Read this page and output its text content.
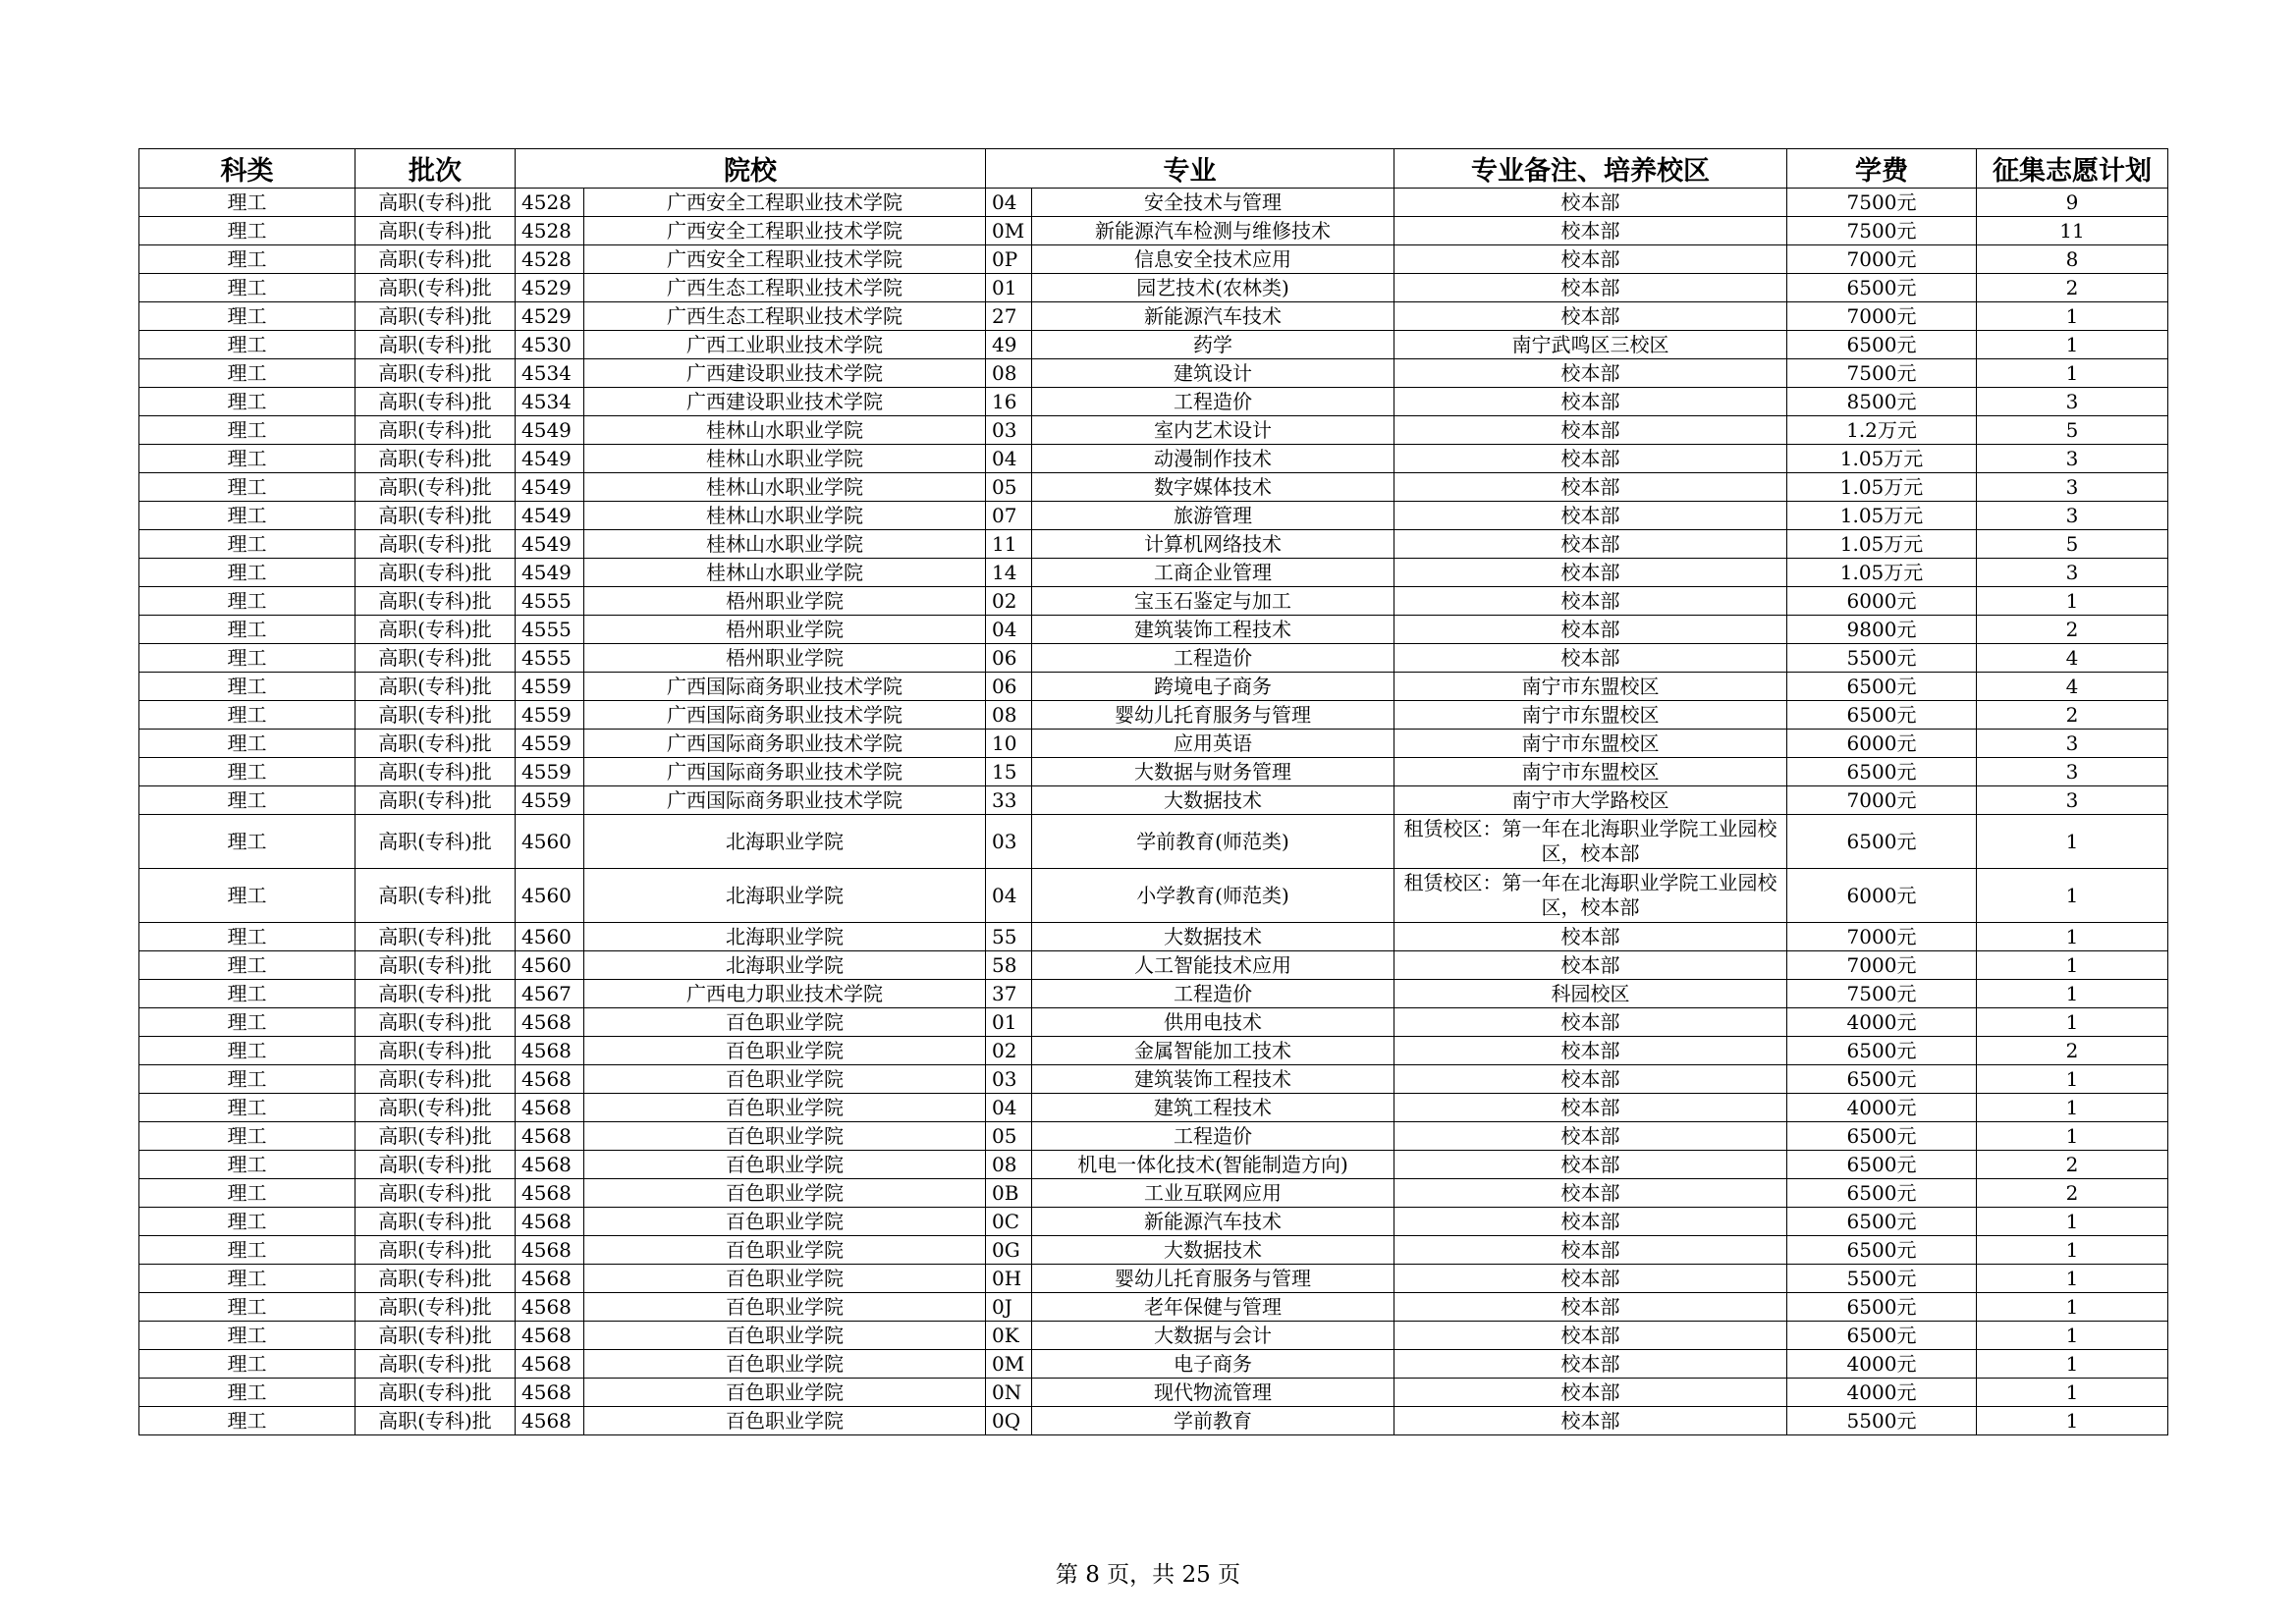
科类	批次	院校		专业		专业备注、培养校区	学费	征集志愿计划
理工	高职(专科)批	4528	广西安全工程职业技术学院	04	安全技术与管理	校本部	7500元	9
理工	高职(专科)批	4528	广西安全工程职业技术学院	0M	新能源汽车检测与维修技术	校本部	7500元	11
理工	高职(专科)批	4528	广西安全工程职业技术学院	0P	信息安全技术应用	校本部	7000元	8
理工	高职(专科)批	4529	广西生态工程职业技术学院	01	园艺技术(农林类)	校本部	6500元	2
理工	高职(专科)批	4529	广西生态工程职业技术学院	27	新能源汽车技术	校本部	7000元	1
理工	高职(专科)批	4530	广西工业职业技术学院	49	药学	南宁武鸣区三校区	6500元	1
理工	高职(专科)批	4534	广西建设职业技术学院	08	建筑设计	校本部	7500元	1
理工	高职(专科)批	4534	广西建设职业技术学院	16	工程造价	校本部	8500元	3
理工	高职(专科)批	4549	桂林山水职业学院	03	室内艺术设计	校本部	1.2万元	5
理工	高职(专科)批	4549	桂林山水职业学院	04	动漫制作技术	校本部	1.05万元	3
理工	高职(专科)批	4549	桂林山水职业学院	05	数字媒体技术	校本部	1.05万元	3
理工	高职(专科)批	4549	桂林山水职业学院	07	旅游管理	校本部	1.05万元	3
理工	高职(专科)批	4549	桂林山水职业学院	11	计算机网络技术	校本部	1.05万元	5
理工	高职(专科)批	4549	桂林山水职业学院	14	工商企业管理	校本部	1.05万元	3
理工	高职(专科)批	4555	梧州职业学院	02	宝玉石鉴定与加工	校本部	6000元	1
理工	高职(专科)批	4555	梧州职业学院	04	建筑装饰工程技术	校本部	9800元	2
理工	高职(专科)批	4555	梧州职业学院	06	工程造价	校本部	5500元	4
理工	高职(专科)批	4559	广西国际商务职业技术学院	06	跨境电子商务	南宁市东盟校区	6500元	4
理工	高职(专科)批	4559	广西国际商务职业技术学院	08	婴幼儿托育服务与管理	南宁市东盟校区	6500元	2
理工	高职(专科)批	4559	广西国际商务职业技术学院	10	应用英语	南宁市东盟校区	6000元	3
理工	高职(专科)批	4559	广西国际商务职业技术学院	15	大数据与财务管理	南宁市东盟校区	6500元	3
理工	高职(专科)批	4559	广西国际商务职业技术学院	33	大数据技术	南宁市大学路校区	7000元	3
理工	高职(专科)批	4560	北海职业学院	03	学前教育(师范类)	租赁校区：第一年在北海职业学院工业园校区，校本部	6500元	1
理工	高职(专科)批	4560	北海职业学院	04	小学教育(师范类)	租赁校区：第一年在北海职业学院工业园校区，校本部	6000元	1
理工	高职(专科)批	4560	北海职业学院	55	大数据技术	校本部	7000元	1
理工	高职(专科)批	4560	北海职业学院	58	人工智能技术应用	校本部	7000元	1
理工	高职(专科)批	4567	广西电力职业技术学院	37	工程造价	科园校区	7500元	1
理工	高职(专科)批	4568	百色职业学院	01	供用电技术	校本部	4000元	1
理工	高职(专科)批	4568	百色职业学院	02	金属智能加工技术	校本部	6500元	2
理工	高职(专科)批	4568	百色职业学院	03	建筑装饰工程技术	校本部	6500元	1
理工	高职(专科)批	4568	百色职业学院	04	建筑工程技术	校本部	4000元	1
理工	高职(专科)批	4568	百色职业学院	05	工程造价	校本部	6500元	1
理工	高职(专科)批	4568	百色职业学院	08	机电一体化技术(智能制造方向)	校本部	6500元	2
理工	高职(专科)批	4568	百色职业学院	0B	工业互联网应用	校本部	6500元	2
理工	高职(专科)批	4568	百色职业学院	0C	新能源汽车技术	校本部	6500元	1
理工	高职(专科)批	4568	百色职业学院	0G	大数据技术	校本部	6500元	1
理工	高职(专科)批	4568	百色职业学院	0H	婴幼儿托育服务与管理	校本部	5500元	1
理工	高职(专科)批	4568	百色职业学院	0J	老年保健与管理	校本部	6500元	1
理工	高职(专科)批	4568	百色职业学院	0K	大数据与会计	校本部	6500元	1
理工	高职(专科)批	4568	百色职业学院	0M	电子商务	校本部	4000元	1
理工	高职(专科)批	4568	百色职业学院	0N	现代物流管理	校本部	4000元	1
理工	高职(专科)批	4568	百色职业学院	0Q	学前教育	校本部	5500元	1
第 8 页，共 25 页
